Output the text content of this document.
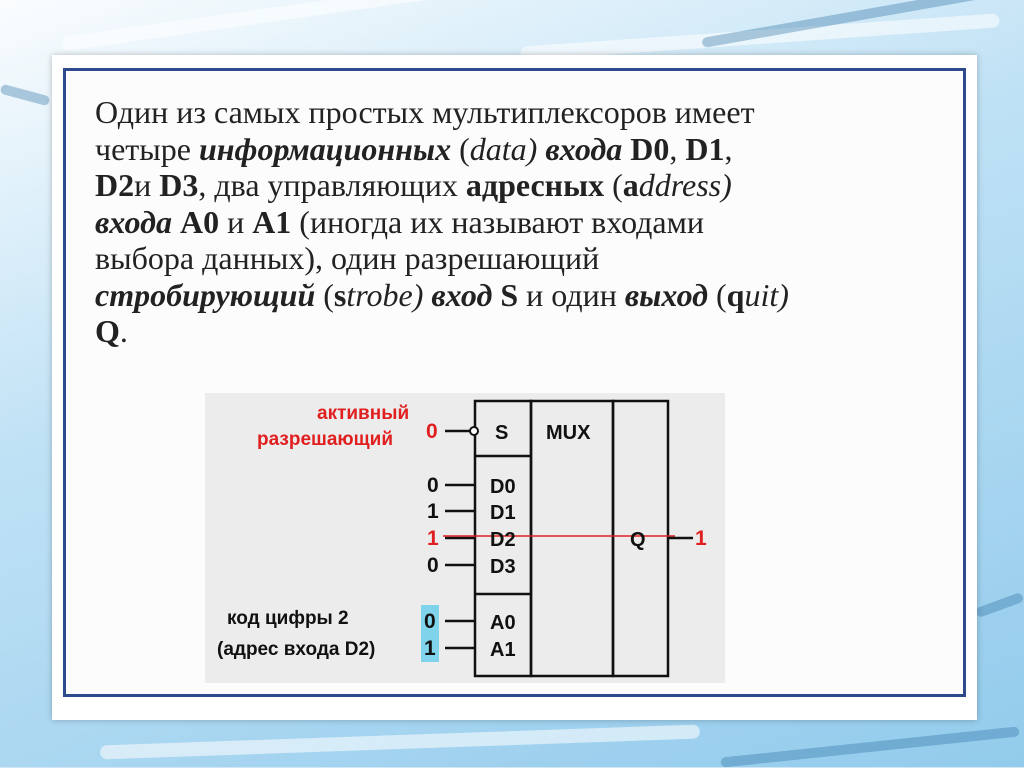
Один из самых простых мультиплексоров имеет
четыре информационных (data) входа D0, D1,
D2и D3, два управляющих адресных (address)
входа A0 и A1 (иногда их называют входами
выбора данных), один разрешающий
стробирующий (strobe) вход S и один выход (quit)
Q.
активный
разрешающий 0	S MUX
0
1
1
0
D0
D1
D2
D3
Q 1
код цифры 2
(адрес входа D2)
0
1
A0
A1
